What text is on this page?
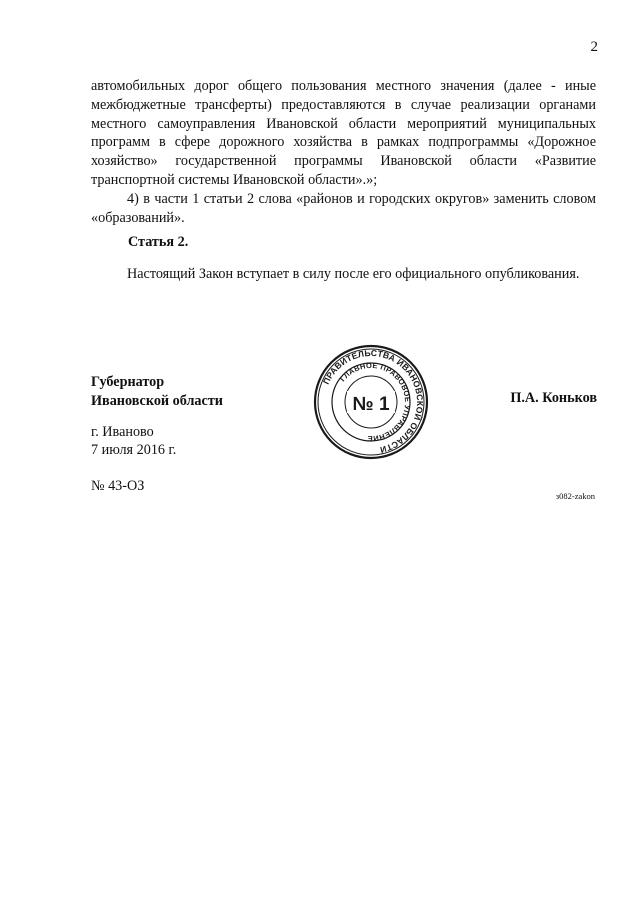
2

автомобильных дорог общего пользования местного значения (далее - иные межбюджетные трансферты) предоставляются в случае реализации органами местного самоуправления Ивановской области мероприятий муниципальных программ в сфере дорожного хозяйства в рамках подпрограммы «Дорожное хозяйство» государственной программы Ивановской области «Развитие транспортной системы Ивановской области».»;

4) в части 1 статьи 2 слова «районов и городских округов» заменить словом «образований».

Статья 2.

Настоящий Закон вступает в силу после его официального опубликования.

Губернатор
Ивановской области
ПРАВИТЕЛЬСТВА ИВАНОВСКОЙ ОБЛАСТИ
ГЛАВНОЕ ПРАВОВОЕ УПРАВЛЕНИЕ
№ 1	П.А. Коньков
г. Иваново
7 июля 2016 г.
№ 43-ОЗ
з082-zakon
